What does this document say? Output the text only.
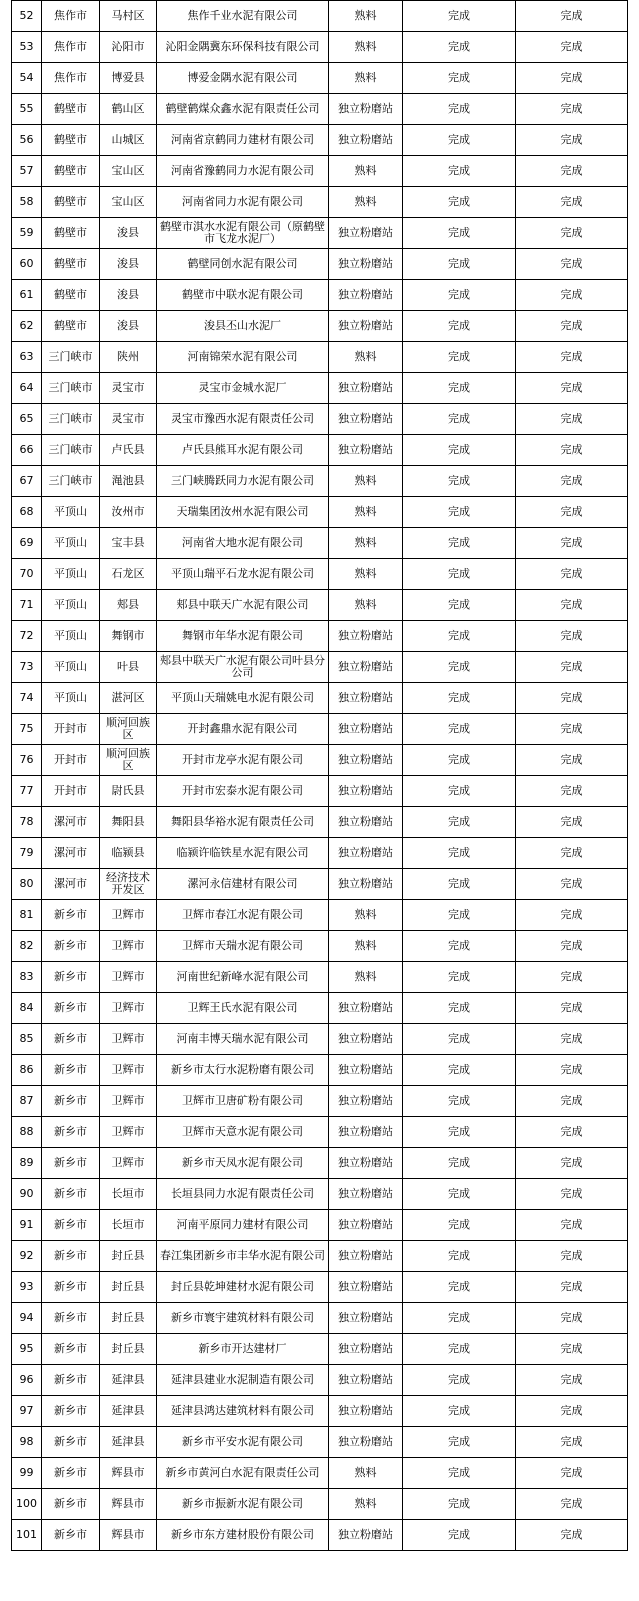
52	焦作市	马村区	焦作千业水泥有限公司	熟料	完成	完成
53	焦作市	沁阳市	沁阳金隅冀东环保科技有限公司	熟料	完成	完成
54	焦作市	博爱县	博爱金隅水泥有限公司	熟料	完成	完成
55	鹤壁市	鹤山区	鹤壁鹤煤众鑫水泥有限责任公司	独立粉磨站	完成	完成
56	鹤壁市	山城区	河南省京鹤同力建材有限公司	独立粉磨站	完成	完成
57	鹤壁市	宝山区	河南省豫鹤同力水泥有限公司	熟料	完成	完成
58	鹤壁市	宝山区	河南省同力水泥有限公司	熟料	完成	完成
59	鹤壁市	浚县	鹤壁市淇水水泥有限公司（原鹤壁市飞龙水泥厂）	独立粉磨站	完成	完成
60	鹤壁市	浚县	鹤壁同创水泥有限公司	独立粉磨站	完成	完成
61	鹤壁市	浚县	鹤壁市中联水泥有限公司	独立粉磨站	完成	完成
62	鹤壁市	浚县	浚县丕山水泥厂	独立粉磨站	完成	完成
63	三门峡市	陕州	河南锦荣水泥有限公司	熟料	完成	完成
64	三门峡市	灵宝市	灵宝市金城水泥厂	独立粉磨站	完成	完成
65	三门峡市	灵宝市	灵宝市豫西水泥有限责任公司	独立粉磨站	完成	完成
66	三门峡市	卢氏县	卢氏县熊耳水泥有限公司	独立粉磨站	完成	完成
67	三门峡市	渑池县	三门峡腾跃同力水泥有限公司	熟料	完成	完成
68	平顶山	汝州市	天瑞集团汝州水泥有限公司	熟料	完成	完成
69	平顶山	宝丰县	河南省大地水泥有限公司	熟料	完成	完成
70	平顶山	石龙区	平顶山瑞平石龙水泥有限公司	熟料	完成	完成
71	平顶山	郏县	郏县中联天广水泥有限公司	熟料	完成	完成
72	平顶山	舞钢市	舞钢市年华水泥有限公司	独立粉磨站	完成	完成
73	平顶山	叶县	郏县中联天广水泥有限公司叶县分公司	独立粉磨站	完成	完成
74	平顶山	湛河区	平顶山天瑞姚电水泥有限公司	独立粉磨站	完成	完成
75	开封市	顺河回族区	开封鑫鼎水泥有限公司	独立粉磨站	完成	完成
76	开封市	顺河回族区	开封市龙亭水泥有限公司	独立粉磨站	完成	完成
77	开封市	尉氏县	开封市宏泰水泥有限公司	独立粉磨站	完成	完成
78	漯河市	舞阳县	舞阳县华裕水泥有限责任公司	独立粉磨站	完成	完成
79	漯河市	临颍县	临颍许临铁星水泥有限公司	独立粉磨站	完成	完成
80	漯河市	经济技术开发区	漯河永信建材有限公司	独立粉磨站	完成	完成
81	新乡市	卫辉市	卫辉市春江水泥有限公司	熟料	完成	完成
82	新乡市	卫辉市	卫辉市天瑞水泥有限公司	熟料	完成	完成
83	新乡市	卫辉市	河南世纪新峰水泥有限公司	熟料	完成	完成
84	新乡市	卫辉市	卫辉王氏水泥有限公司	独立粉磨站	完成	完成
85	新乡市	卫辉市	河南丰博天瑞水泥有限公司	独立粉磨站	完成	完成
86	新乡市	卫辉市	新乡市太行水泥粉磨有限公司	独立粉磨站	完成	完成
87	新乡市	卫辉市	卫辉市卫唐矿粉有限公司	独立粉磨站	完成	完成
88	新乡市	卫辉市	卫辉市天意水泥有限公司	独立粉磨站	完成	完成
89	新乡市	卫辉市	新乡市天凤水泥有限公司	独立粉磨站	完成	完成
90	新乡市	长垣市	长垣县同力水泥有限责任公司	独立粉磨站	完成	完成
91	新乡市	长垣市	河南平原同力建材有限公司	独立粉磨站	完成	完成
92	新乡市	封丘县	春江集团新乡市丰华水泥有限公司	独立粉磨站	完成	完成
93	新乡市	封丘县	封丘县乾坤建材水泥有限公司	独立粉磨站	完成	完成
94	新乡市	封丘县	新乡市寰宇建筑材料有限公司	独立粉磨站	完成	完成
95	新乡市	封丘县	新乡市开达建材厂	独立粉磨站	完成	完成
96	新乡市	延津县	延津县建业水泥制造有限公司	独立粉磨站	完成	完成
97	新乡市	延津县	延津县鸿达建筑材料有限公司	独立粉磨站	完成	完成
98	新乡市	延津县	新乡市平安水泥有限公司	独立粉磨站	完成	完成
99	新乡市	辉县市	新乡市黄河白水泥有限责任公司	熟料	完成	完成
100	新乡市	辉县市	新乡市振新水泥有限公司	熟料	完成	完成
101	新乡市	辉县市	新乡市东方建材股份有限公司	独立粉磨站	完成	完成
